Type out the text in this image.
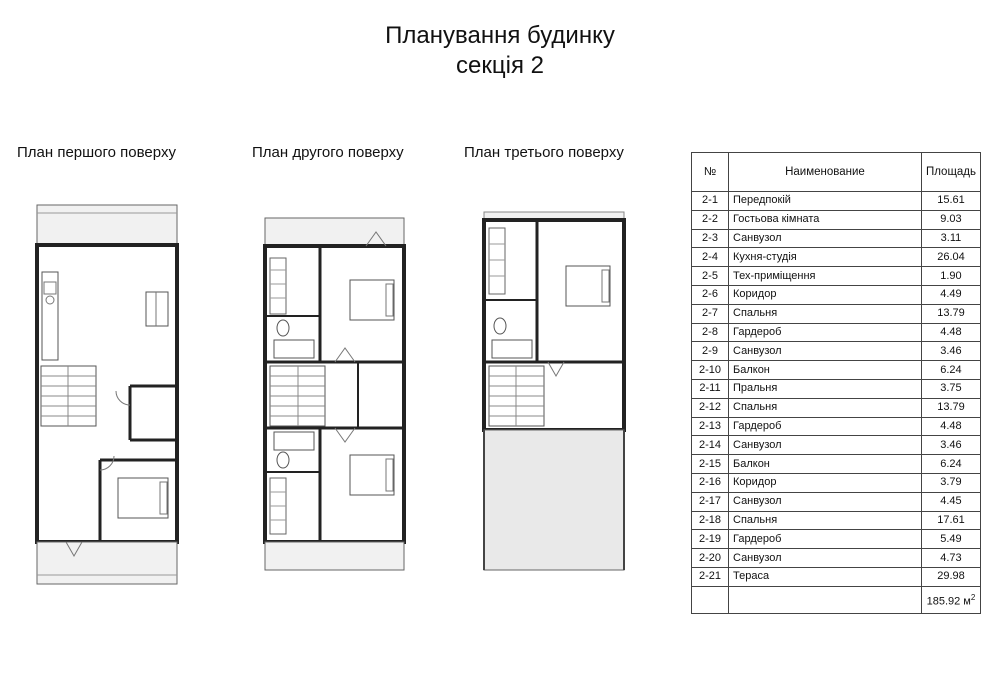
Планування будинку
секція 2
План першого поверху	План другого поверху	План третього поверху
№	Наименование	Площадь
2-1	Передпокій	15.61
2-2	Гостьова кімната	9.03
2-3	Санвузол	3.11
2-4	Кухня-студія	26.04
2-5	Тех-приміщення	1.90
2-6	Коридор	4.49
2-7	Спальня	13.79
2-8	Гардероб	4.48
2-9	Санвузол	3.46
2-10	Балкон	6.24
2-11	Пральня	3.75
2-12	Спальня	13.79
2-13	Гардероб	4.48
2-14	Санвузол	3.46
2-15	Балкон	6.24
2-16	Коридор	3.79
2-17	Санвузол	4.45
2-18	Спальня	17.61
2-19	Гардероб	5.49
2-20	Санвузол	4.73
2-21	Тераса	29.98
		185.92 $м^2$
